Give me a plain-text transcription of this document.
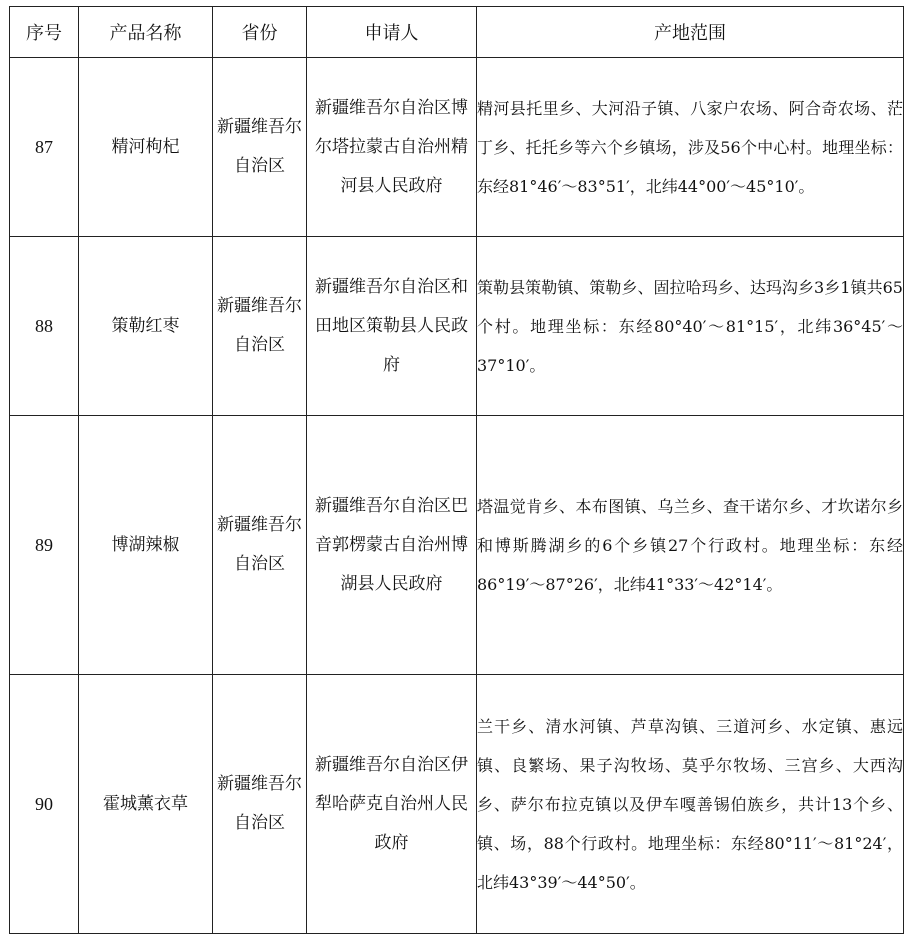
序号	产品名称	省份	申请人	产地范围
87	精河枸杞	新疆维吾尔自治区	新疆维吾尔自治区博尔塔拉蒙古自治州精河县人民政府	精河县托里乡、大河沿子镇、八家户农场、阿合奇农场、茫丁乡、托托乡等六个乡镇场，涉及56个中心村。地理坐标：东经81°46′～83°51′，北纬44°00′～45°10′。
88	策勒红枣	新疆维吾尔自治区	新疆维吾尔自治区和田地区策勒县人民政府	策勒县策勒镇、策勒乡、固拉哈玛乡、达玛沟乡3乡1镇共65个村。地理坐标：东经80°40′～81°15′，北纬36°45′～37°10′。
89	博湖辣椒	新疆维吾尔自治区	新疆维吾尔自治区巴音郭楞蒙古自治州博湖县人民政府	塔温觉肯乡、本布图镇、乌兰乡、查干诺尔乡、才坎诺尔乡和博斯腾湖乡的6个乡镇27个行政村。地理坐标：东经86°19′～87°26′，北纬41°33′～42°14′。
90	霍城薰衣草	新疆维吾尔自治区	新疆维吾尔自治区伊犁哈萨克自治州人民政府	兰干乡、清水河镇、芦草沟镇、三道河乡、水定镇、惠远镇、良繁场、果子沟牧场、莫乎尔牧场、三宫乡、大西沟乡、萨尔布拉克镇以及伊车嘎善锡伯族乡，共计13个乡、镇、场，88个行政村。地理坐标：东经80°11′～81°24′，北纬43°39′～44°50′。
